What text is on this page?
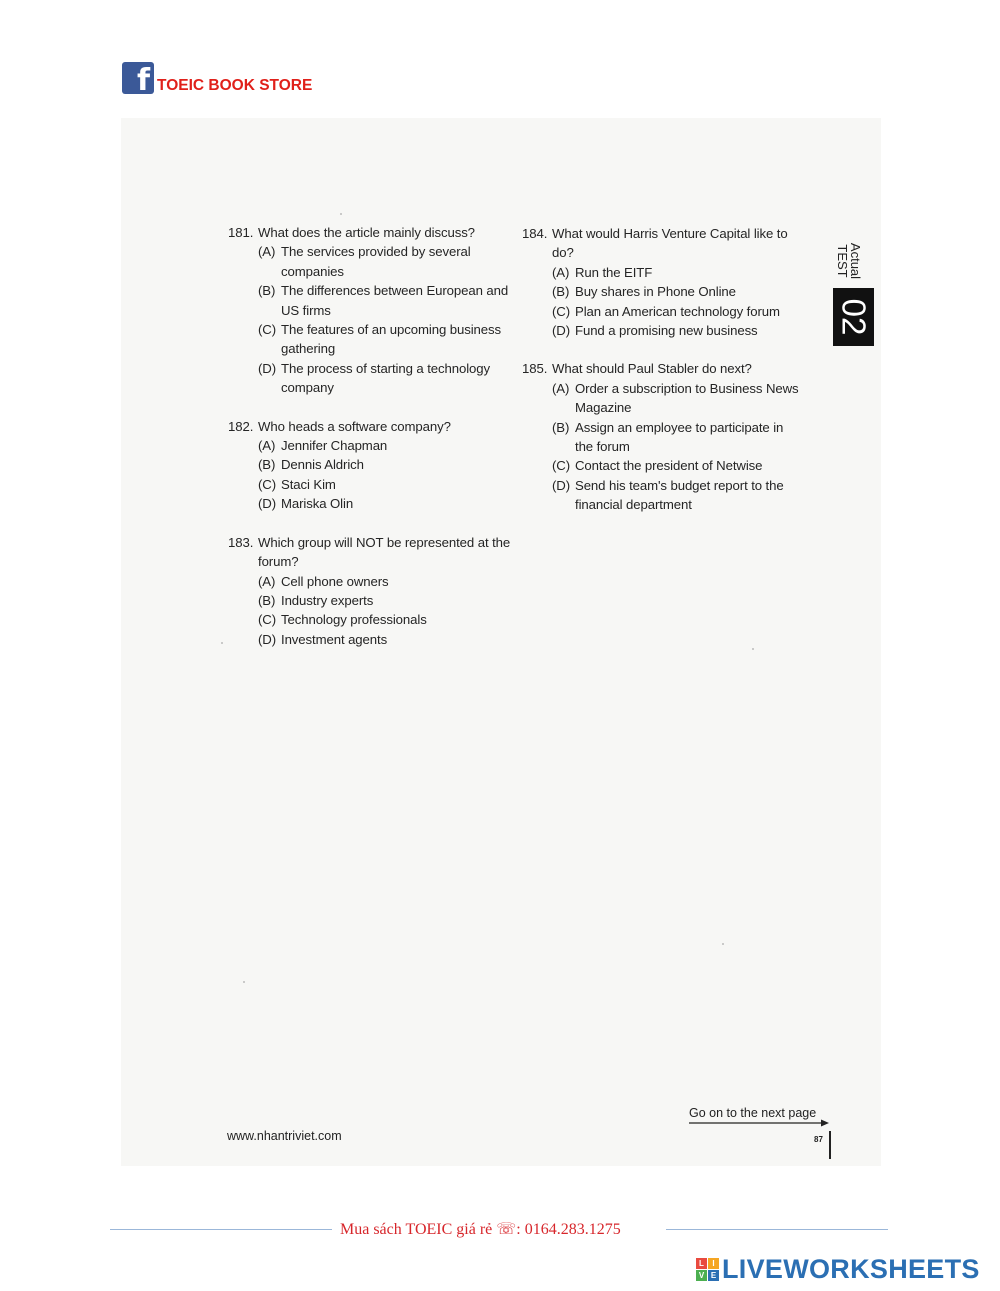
f TOEIC BOOK STORE
181. What does the article mainly discuss?
(A) The services provided by several companies
(B) The differences between European and US firms
(C) The features of an upcoming business gathering
(D) The process of starting a technology company
182. Who heads a software company?
(A) Jennifer Chapman
(B) Dennis Aldrich
(C) Staci Kim
(D) Mariska Olin
183. Which group will NOT be represented at the forum?
(A) Cell phone owners
(B) Industry experts
(C) Technology professionals
(D) Investment agents
184. What would Harris Venture Capital like to do?
(A) Run the EITF
(B) Buy shares in Phone Online
(C) Plan an American technology forum
(D) Fund a promising new business
185. What should Paul Stabler do next?
(A) Order a subscription to Business News Magazine
(B) Assign an employee to participate in the forum
(C) Contact the president of Netwise
(D) Send his team's budget report to the financial department
Actual
TEST
02
Go on to the next page
www.nhantriviet.com	87
Mua sách TOEIC giá rẻ ☏: 0164.283.1275
L	I
V E LIVEWORKSHEETS
